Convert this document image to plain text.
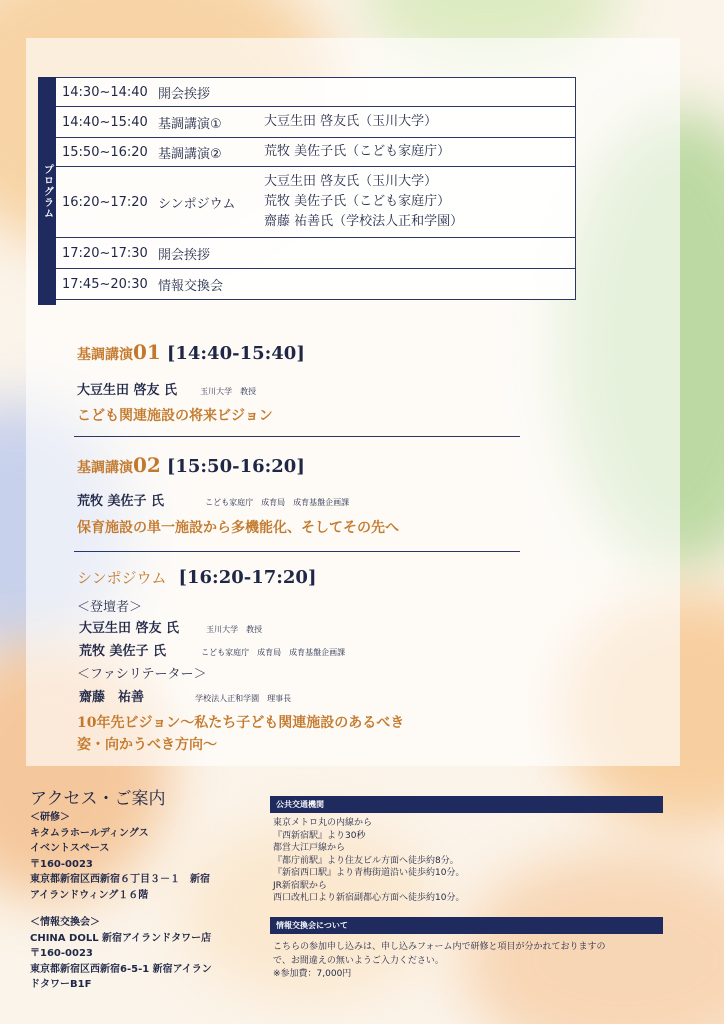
プログラム
14:30~14:40 開会挨拶
14:40~15:40 基調講演①	大豆生田 啓友氏（玉川大学）
15:50~16:20 基調講演②	荒牧 美佐子氏（こども家庭庁）
16:20~17:20 シンポジウム
大豆生田 啓友氏（玉川大学）
荒牧 美佐子氏（こども家庭庁）
齋藤 祐善氏（学校法人正和学園）
17:20~17:30 開会挨拶
17:45~20:30 情報交換会
基調講演01 [14:40-15:40]
大豆生田 啓友 氏	玉川大学　教授
こども関連施設の将来ビジョン
基調講演02 [15:50-16:20]
荒牧 美佐子 氏	こども家庭庁　成育局　成育基盤企画課
保育施設の単一施設から多機能化、そしてその先へ
シンポジウム [16:20-17:20]
＜登壇者＞
大豆生田 啓友 氏	玉川大学　教授
荒牧 美佐子 氏	こども家庭庁　成育局　成育基盤企画課
＜ファシリテーター＞
齋藤　祐善	学校法人正和学園　理事長
10年先ビジョン〜私たち子ども関連施設のあるべき
姿・向かうべき方向〜
アクセス・ご案内
＜研修＞
キタムラホールディングス
イベントスペース
〒160-0023
東京都新宿区西新宿６丁目３－１　新宿
アイランドウィング１６階
＜情報交換会＞
CHINA DOLL 新宿アイランドタワー店
〒160-0023
東京都新宿区西新宿6-5-1 新宿アイラン
ドタワーB1F
公共交通機関
東京メトロ丸の内線から
『西新宿駅』より30秒
都営大江戸線から
『都庁前駅』より住友ビル方面へ徒歩約8分。
『新宿西口駅』より青梅街道沿い徒歩約10分。
JR新宿駅から
西口改札口より新宿副都心方面へ徒歩約10分。
情報交換会について
こちらの参加申し込みは、申し込みフォーム内で研修と項目が分かれておりますの
で、お間違えの無いようご入力ください。
※参加費：7,000円
